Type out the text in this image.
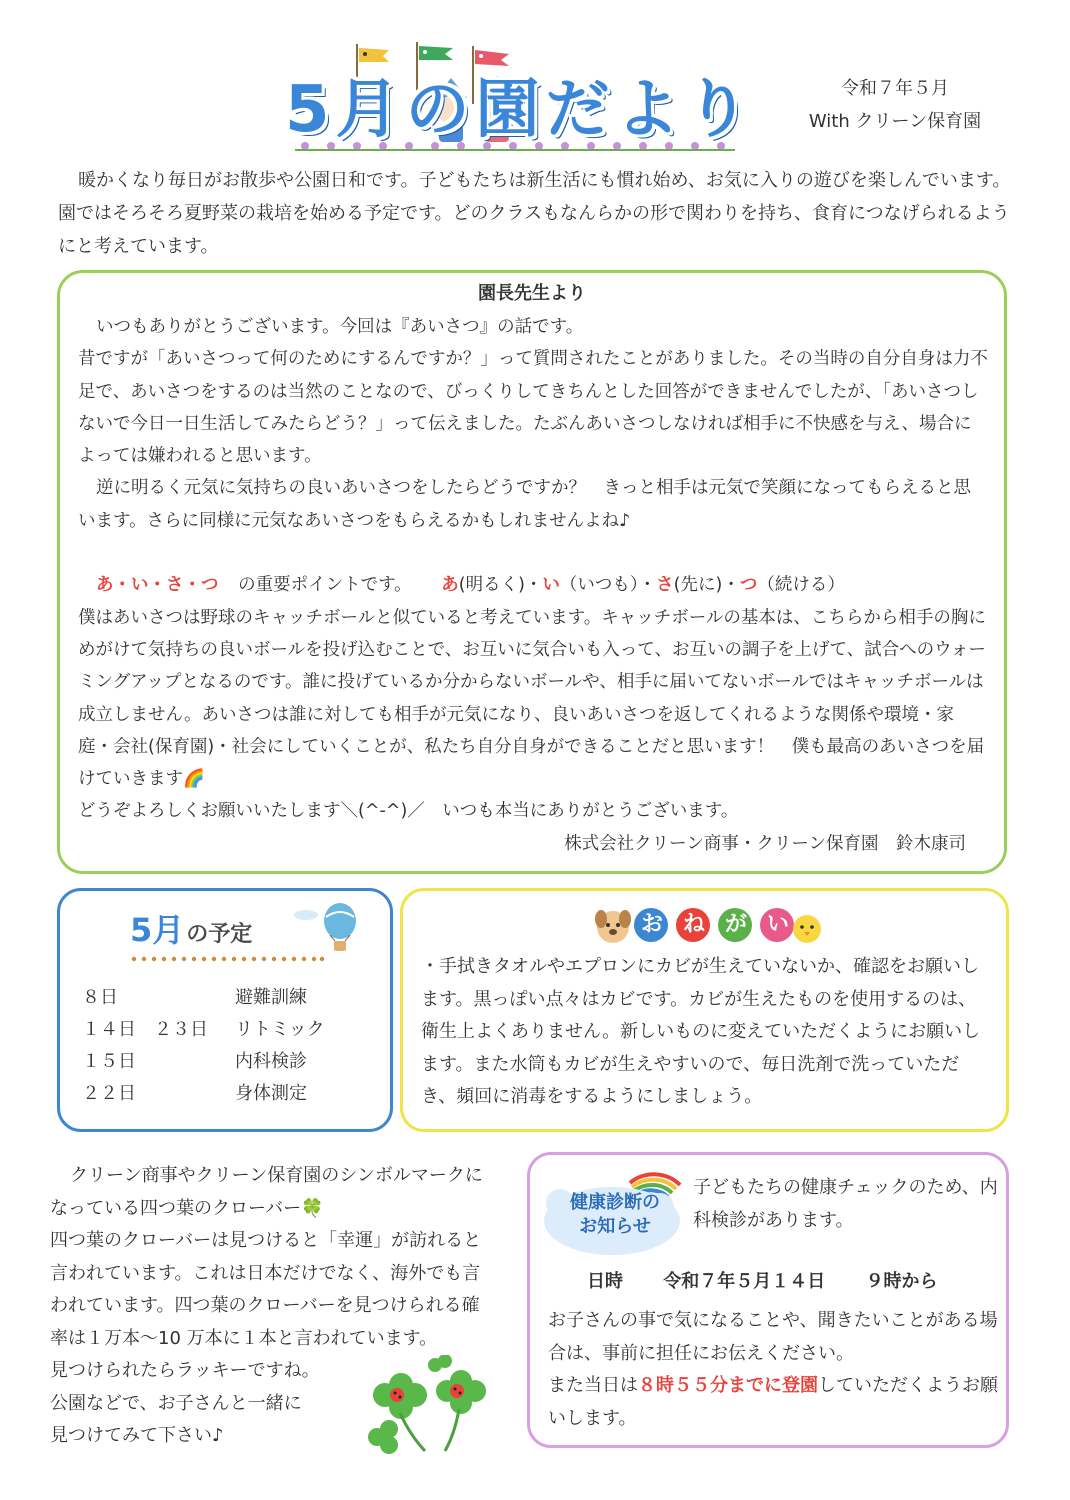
5月の園だより	令和７年５月
With クリーン保育園
暖かくなり毎日がお散歩や公園日和です。子どもたちは新生活にも慣れ始め、お気に入りの遊びを楽しんでいます。園ではそろそろ夏野菜の栽培を始める予定です。どのクラスもなんらかの形で関わりを持ち、食育につなげられるようにと考えています。
園長先生より

いつもありがとうございます。今回は『あいさつ』の話です。

昔ですが「あいさつって何のためにするんですか？」って質問されたことがありました。その当時の自分自身は力不足で、あいさつをするのは当然のことなので、びっくりしてきちんとした回答ができませんでしたが、「あいさつしないで今日一日生活してみたらどう？」って伝えました。たぶんあいさつしなければ相手に不快感を与え、場合によっては嫌われると思います。

逆に明るく元気に気持ちの良いあいさつをしたらどうですか？　きっと相手は元気で笑顔になってもらえると思います。さらに同様に元気なあいさつをもらえるかもしれませんよね♪

あ・い・さ・つ の重要ポイントです。 あ(明るく)・い（いつも）・さ(先に)・つ（続ける）

僕はあいさつは野球のキャッチボールと似ていると考えています。キャッチボールの基本は、こちらから相手の胸にめがけて気持ちの良いボールを投げ込むことで、お互いに気合いも入って、お互いの調子を上げて、試合へのウォーミングアップとなるのです。誰に投げているか分からないボールや、相手に届いてないボールではキャッチボールは成立しません。あいさつは誰に対しても相手が元気になり、良いあいさつを返してくれるような関係や環境・家庭・会社(保育園)・社会にしていくことが、私たち自分自身ができることだと思います！　僕も最高のあいさつを届けていきます🌈

どうぞよろしくお願いいたします＼(^-^)／　いつも本当にありがとうございます。

株式会社クリーン商事・クリーン保育園　鈴木康司

5月の予定
８日	避難訓練
１４日　２３日 リトミック
１５日	内科検診
２２日	身体測定
お ね が い
・手拭きタオルやエプロンにカビが生えていないか、確認をお願いします。黒っぽい点々はカビです。カビが生えたものを使用するのは、衛生上よくありません。新しいものに変えていただくようにお願いします。また水筒もカビが生えやすいので、毎日洗剤で洗っていただき、頻回に消毒をするようにしましょう。

クリーン商事やクリーン保育園のシンボルマークに

なっている四つ葉のクローバー🍀

四つ葉のクローバーは見つけると「幸運」が訪れると

言われています。これは日本だけでなく、海外でも言

われています。四つ葉のクローバーを見つけられる確

率は１万本～10 万本に１本と言われています。

見つけられたらラッキーですね。

公園などで、お子さんと一緒に

見つけてみて下さい♪

健康診断の
お知らせ
子どもたちの健康チェックのため、内科検診があります。
日時 令和７年５月１４日 ９時から

お子さんの事で気になることや、聞きたいことがある場合は、事前に担任にお伝えください。

また当日は８時５５分までに登園していただくようお願いします。
